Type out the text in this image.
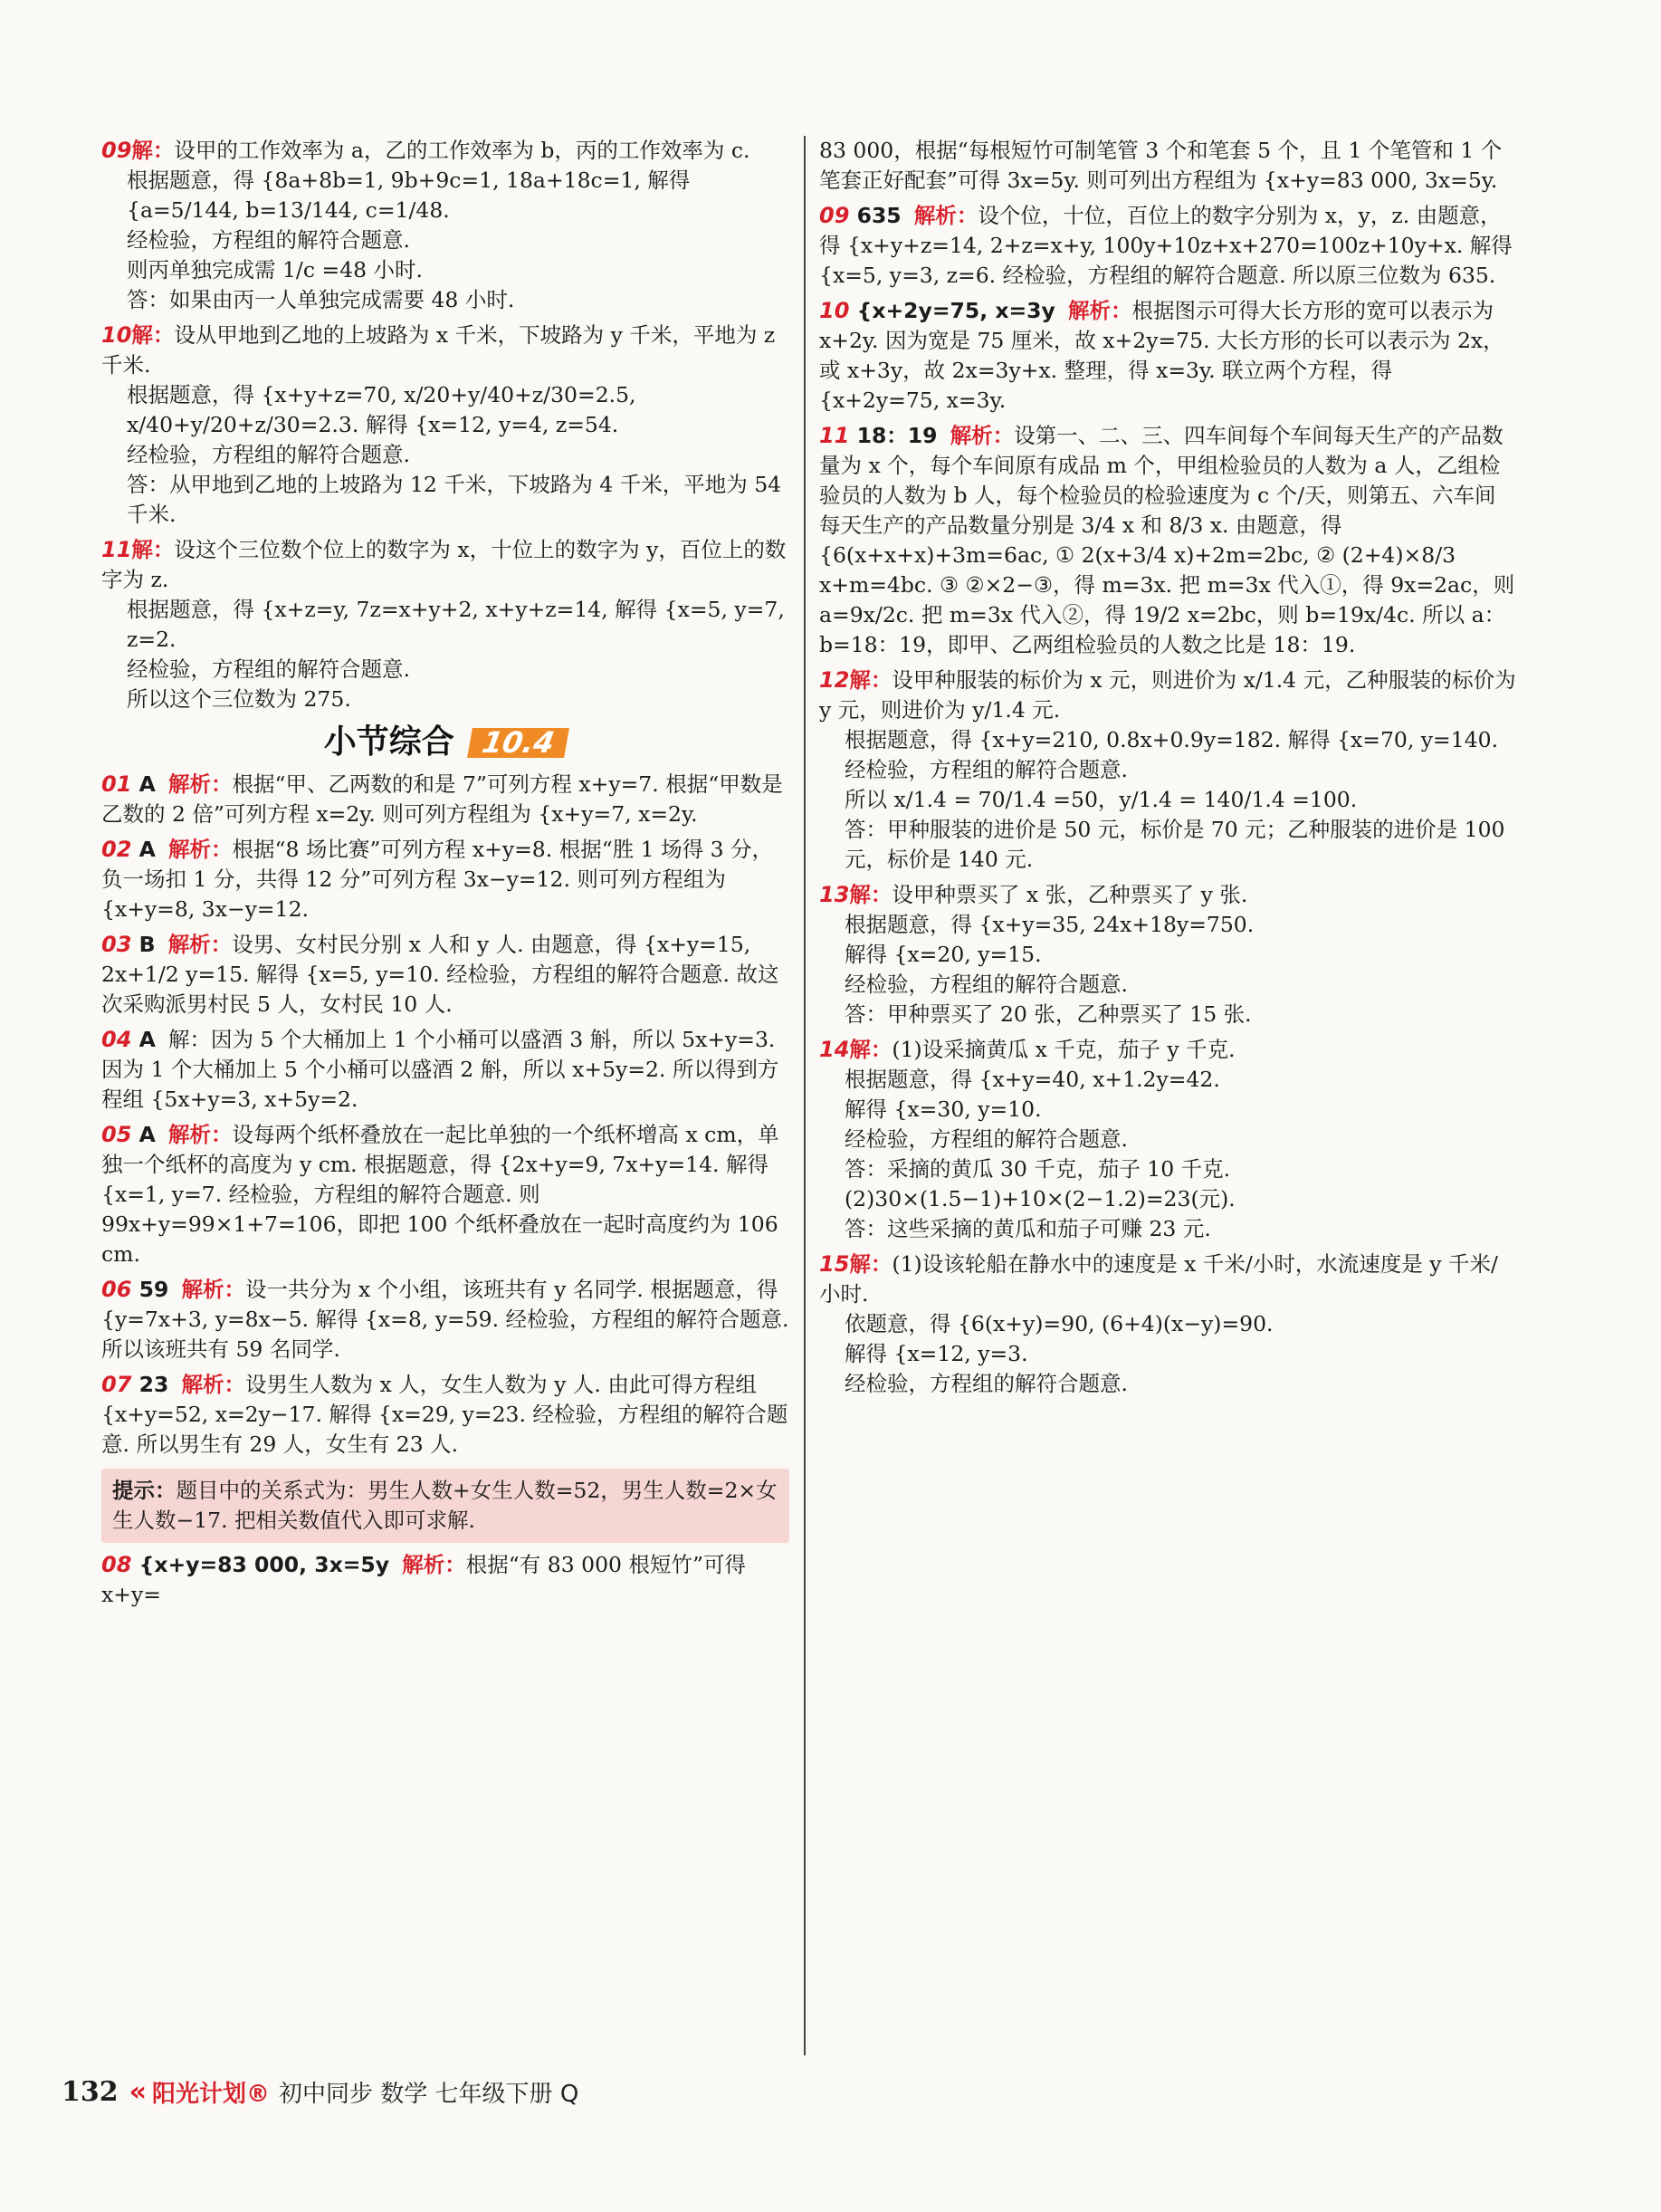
09解：设甲的工作效率为 a，乙的工作效率为 b，丙的工作效率为 c.
根据题意，得 {8a+8b=1, 9b+9c=1, 18a+18c=1, 解得 {a=5/144, b=13/144, c=1/48.
经检验，方程组的解符合题意.
则丙单独完成需 1/c =48 小时.
答：如果由丙一人单独完成需要 48 小时.
10解：设从甲地到乙地的上坡路为 x 千米，下坡路为 y 千米，平地为 z 千米.
根据题意，得 {x+y+z=70, x/20+y/40+z/30=2.5, x/40+y/20+z/30=2.3. 解得 {x=12, y=4, z=54.
经检验，方程组的解符合题意.
答：从甲地到乙地的上坡路为 12 千米，下坡路为 4 千米，平地为 54 千米.
11解：设这个三位数个位上的数字为 x，十位上的数字为 y，百位上的数字为 z.
根据题意，得 {x+z=y, 7z=x+y+2, x+y+z=14, 解得 {x=5, y=7, z=2.
经检验，方程组的解符合题意.
所以这个三位数为 275.
小节综合 10.4
01 A 解析：根据“甲、乙两数的和是 7”可列方程 x+y=7. 根据“甲数是乙数的 2 倍”可列方程 x=2y. 则可列方程组为 {x+y=7, x=2y.
02 A 解析：根据“8 场比赛”可列方程 x+y=8. 根据“胜 1 场得 3 分，负一场扣 1 分，共得 12 分”可列方程 3x−y=12. 则可列方程组为 {x+y=8, 3x−y=12.
03 B 解析：设男、女村民分别 x 人和 y 人. 由题意，得 {x+y=15, 2x+1/2 y=15. 解得 {x=5, y=10. 经检验，方程组的解符合题意. 故这次采购派男村民 5 人，女村民 10 人.
04 A 解：因为 5 个大桶加上 1 个小桶可以盛酒 3 斛，所以 5x+y=3. 因为 1 个大桶加上 5 个小桶可以盛酒 2 斛，所以 x+5y=2. 所以得到方程组 {5x+y=3, x+5y=2.
05 A 解析：设每两个纸杯叠放在一起比单独的一个纸杯增高 x cm，单独一个纸杯的高度为 y cm. 根据题意，得 {2x+y=9, 7x+y=14. 解得 {x=1, y=7. 经检验，方程组的解符合题意. 则 99x+y=99×1+7=106，即把 100 个纸杯叠放在一起时高度约为 106 cm.
06 59 解析：设一共分为 x 个小组，该班共有 y 名同学. 根据题意，得 {y=7x+3, y=8x−5. 解得 {x=8, y=59. 经检验，方程组的解符合题意. 所以该班共有 59 名同学.
07 23 解析：设男生人数为 x 人，女生人数为 y 人. 由此可得方程组 {x+y=52, x=2y−17. 解得 {x=29, y=23. 经检验，方程组的解符合题意. 所以男生有 29 人，女生有 23 人.
提示：题目中的关系式为：男生人数+女生人数=52，男生人数=2×女生人数−17. 把相关数值代入即可求解.
08 {x+y=83 000, 3x=5y 解析：根据“有 83 000 根短竹”可得 x+y=
83 000，根据“每根短竹可制笔管 3 个和笔套 5 个，且 1 个笔管和 1 个笔套正好配套”可得 3x=5y. 则可列出方程组为 {x+y=83 000, 3x=5y.
09 635 解析：设个位，十位，百位上的数字分别为 x，y，z. 由题意，得 {x+y+z=14, 2+z=x+y, 100y+10z+x+270=100z+10y+x. 解得 {x=5, y=3, z=6. 经检验，方程组的解符合题意. 所以原三位数为 635.
10 {x+2y=75, x=3y 解析：根据图示可得大长方形的宽可以表示为 x+2y. 因为宽是 75 厘米，故 x+2y=75. 大长方形的长可以表示为 2x，或 x+3y，故 2x=3y+x. 整理，得 x=3y. 联立两个方程，得 {x+2y=75, x=3y.
11 18：19 解析：设第一、二、三、四车间每个车间每天生产的产品数量为 x 个，每个车间原有成品 m 个，甲组检验员的人数为 a 人，乙组检验员的人数为 b 人，每个检验员的检验速度为 c 个/天，则第五、六车间每天生产的产品数量分别是 3/4 x 和 8/3 x. 由题意，得 {6(x+x+x)+3m=6ac, ① 2(x+3/4 x)+2m=2bc, ② (2+4)×8/3 x+m=4bc. ③ ②×2−③，得 m=3x. 把 m=3x 代入①，得 9x=2ac，则 a=9x/2c. 把 m=3x 代入②，得 19/2 x=2bc，则 b=19x/4c. 所以 a：b=18：19，即甲、乙两组检验员的人数之比是 18：19.
12解：设甲种服装的标价为 x 元，则进价为 x/1.4 元，乙种服装的标价为 y 元，则进价为 y/1.4 元.
根据题意，得 {x+y=210, 0.8x+0.9y=182. 解得 {x=70, y=140.
经检验，方程组的解符合题意.
所以 x/1.4 = 70/1.4 =50，y/1.4 = 140/1.4 =100.
答：甲种服装的进价是 50 元，标价是 70 元；乙种服装的进价是 100 元，标价是 140 元.
13解：设甲种票买了 x 张，乙种票买了 y 张.
根据题意，得 {x+y=35, 24x+18y=750.
解得 {x=20, y=15.
经检验，方程组的解符合题意.
答：甲种票买了 20 张，乙种票买了 15 张.
14解：(1)设采摘黄瓜 x 千克，茄子 y 千克.
根据题意，得 {x+y=40, x+1.2y=42.
解得 {x=30, y=10.
经检验，方程组的解符合题意.
答：采摘的黄瓜 30 千克，茄子 10 千克.
(2)30×(1.5−1)+10×(2−1.2)=23(元).
答：这些采摘的黄瓜和茄子可赚 23 元.
15解：(1)设该轮船在静水中的速度是 x 千米/小时，水流速度是 y 千米/小时.
依题意，得 {6(x+y)=90, (6+4)(x−y)=90.
解得 {x=12, y=3.
经检验，方程组的解符合题意.
132 « 阳光计划® 初中同步 数学 七年级下册 Q
